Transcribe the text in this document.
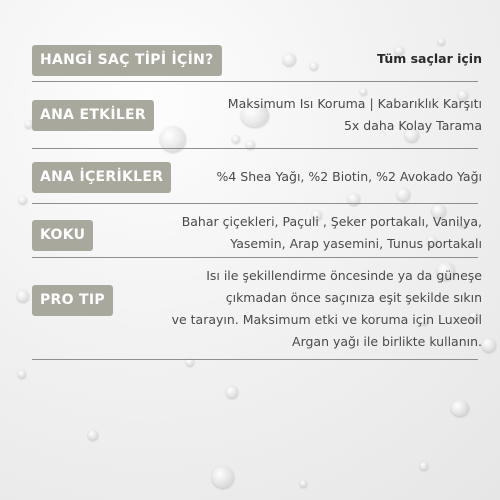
HANGİ SAÇ TİPİ İÇİN?	Tüm saçlar için
ANA ETKİLER
Maksimum Isı Koruma | Kabarıklık Karşıtı
5x daha Kolay Tarama
ANA İÇERİKLER	%4 Shea Yağı, %2 Biotin, %2 Avokado Yağı
KOKU
Bahar çiçekleri, Paçuli , Şeker portakalı, Vanilya,
Yasemin, Arap yasemini, Tunus portakalı
PRO TIP
Isı ile şekillendirme öncesinde ya da güneşe
çıkmadan önce saçınıza eşit şekilde sıkın
ve tarayın. Maksimum etki ve koruma için Luxeoil
Argan yağı ile birlikte kullanın.
